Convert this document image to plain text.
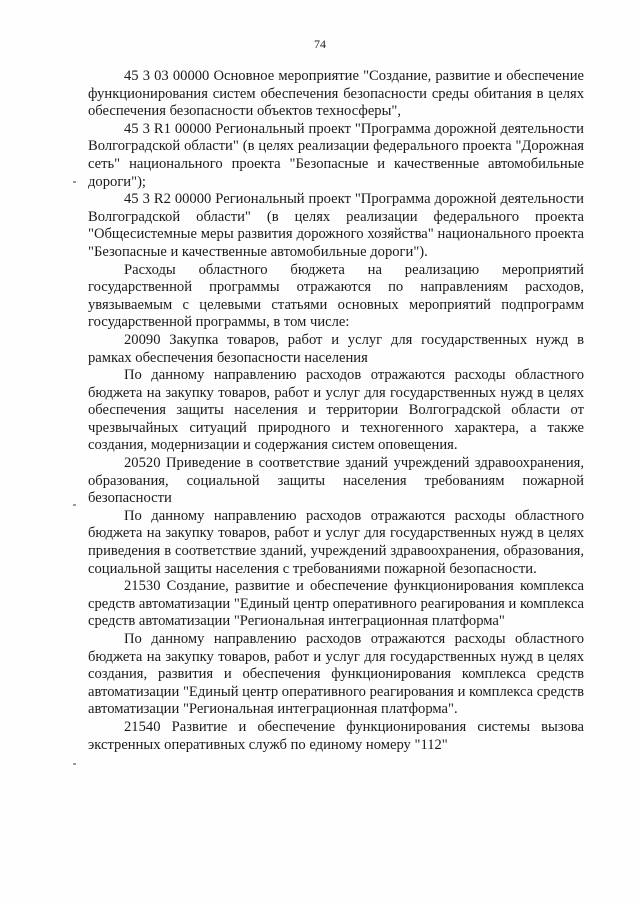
74

45 3 03 00000 Основное мероприятие "Создание, развитие и обеспечение функционирования систем обеспечения безопасности среды обитания в целях обеспечения безопасности объектов техносферы",

45 3 R1 00000 Региональный проект "Программа дорожной деятельности Волгоградской области" (в целях реализации федерального проекта "Дорожная сеть" национального проекта "Безопасные и качественные автомобильные дороги");

45 3 R2 00000 Региональный проект "Программа дорожной деятельности Волгоградской области" (в целях реализации федерального проекта "Общесистемные меры развития дорожного хозяйства" национального проекта "Безопасные и качественные автомобильные дороги").

Расходы областного бюджета на реализацию мероприятий государственной программы отражаются по направлениям расходов, увязываемым с целевыми статьями основных мероприятий подпрограмм государственной программы, в том числе:

20090 Закупка товаров, работ и услуг для государственных нужд в рамках обеспечения безопасности населения

По данному направлению расходов отражаются расходы областного бюджета на закупку товаров, работ и услуг для государственных нужд в целях обеспечения защиты населения и территории Волгоградской области от чрезвычайных ситуаций природного и техногенного характера, а также создания, модернизации и содержания систем оповещения.

20520 Приведение в соответствие зданий учреждений здравоохранения, образования, социальной защиты населения требованиям пожарной безопасности

По данному направлению расходов отражаются расходы областного бюджета на закупку товаров, работ и услуг для государственных нужд в целях приведения в соответствие зданий, учреждений здравоохранения, образования, социальной защиты населения с требованиями пожарной безопасности.

21530 Создание, развитие и обеспечение функционирования комплекса средств автоматизации "Единый центр оперативного реагирования и комплекса средств автоматизации "Региональная интеграционная платформа"

По данному направлению расходов отражаются расходы областного бюджета на закупку товаров, работ и услуг для государственных нужд в целях создания, развития и обеспечения функционирования комплекса средств автоматизации "Единый центр оперативного реагирования и комплекса средств автоматизации "Региональная интеграционная платформа".

21540 Развитие и обеспечение функционирования системы вызова экстренных оперативных служб по единому номеру "112"
